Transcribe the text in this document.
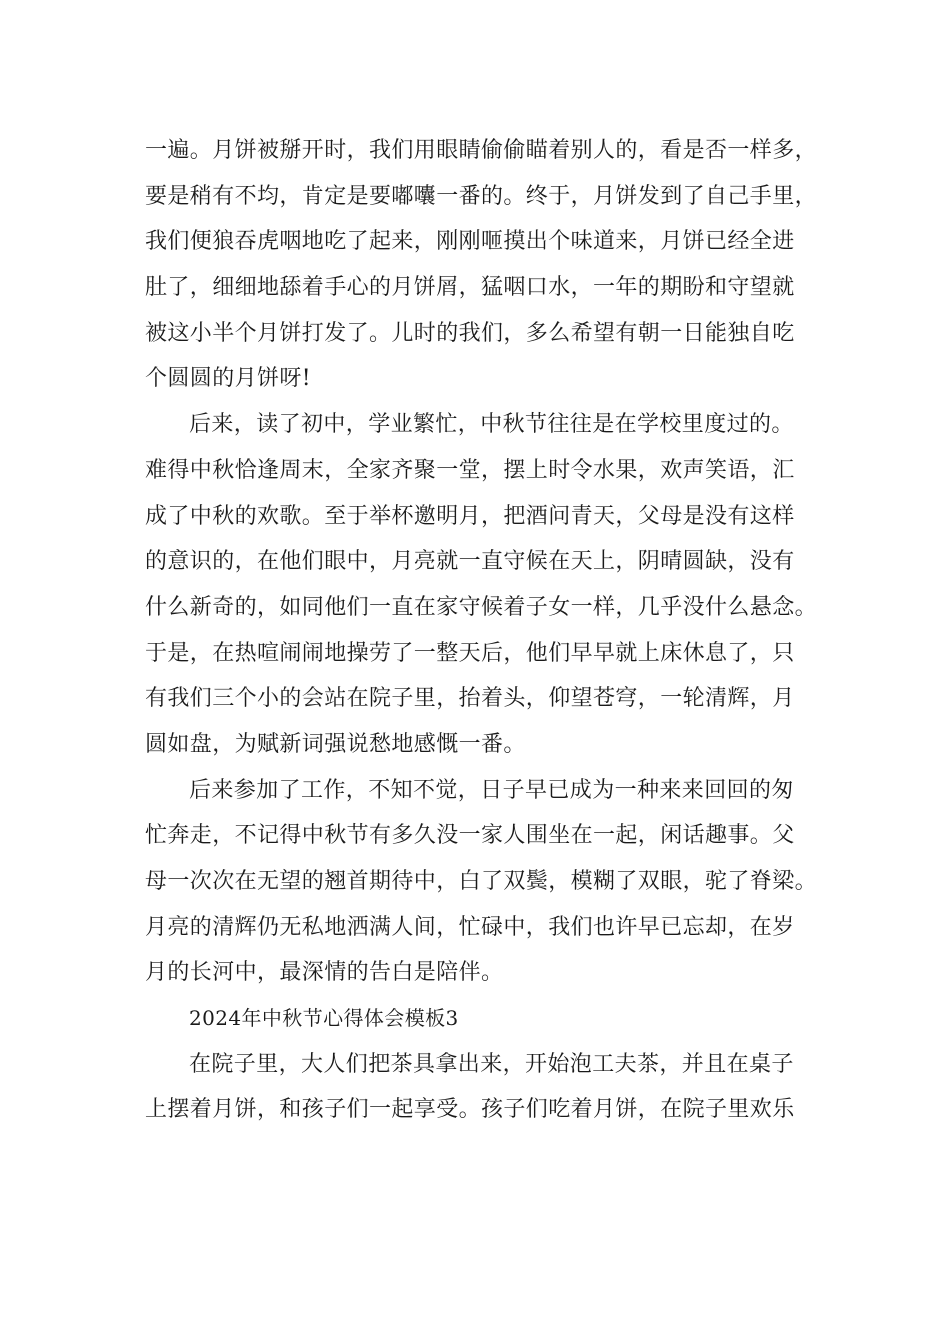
一遍。月饼被掰开时，我们用眼睛偷偷瞄着别人的，看是否一样多，
要是稍有不均，肯定是要嘟囔一番的。终于，月饼发到了自己手里，
我们便狼吞虎咽地吃了起来，刚刚咂摸出个味道来，月饼已经全进
肚了，细细地舔着手心的月饼屑，猛咽口水，一年的期盼和守望就
被这小半个月饼打发了。儿时的我们，多么希望有朝一日能独自吃
个圆圆的月饼呀!
后来，读了初中，学业繁忙，中秋节往往是在学校里度过的。
难得中秋恰逢周末，全家齐聚一堂，摆上时令水果，欢声笑语，汇
成了中秋的欢歌。至于举杯邀明月，把酒问青天，父母是没有这样
的意识的，在他们眼中，月亮就一直守候在天上，阴晴圆缺，没有
什么新奇的，如同他们一直在家守候着子女一样，几乎没什么悬念。
于是，在热喧闹闹地操劳了一整天后，他们早早就上床休息了，只
有我们三个小的会站在院子里，抬着头，仰望苍穹，一轮清辉，月
圆如盘，为赋新词强说愁地感慨一番。
后来参加了工作，不知不觉，日子早已成为一种来来回回的匆
忙奔走，不记得中秋节有多久没一家人围坐在一起，闲话趣事。父
母一次次在无望的翘首期待中，白了双鬓，模糊了双眼，驼了脊梁。
月亮的清辉仍无私地洒满人间，忙碌中，我们也许早已忘却，在岁
月的长河中，最深情的告白是陪伴。
2024年中秋节心得体会模板3
在院子里，大人们把茶具拿出来，开始泡工夫茶，并且在桌子
上摆着月饼，和孩子们一起享受。孩子们吃着月饼，在院子里欢乐
